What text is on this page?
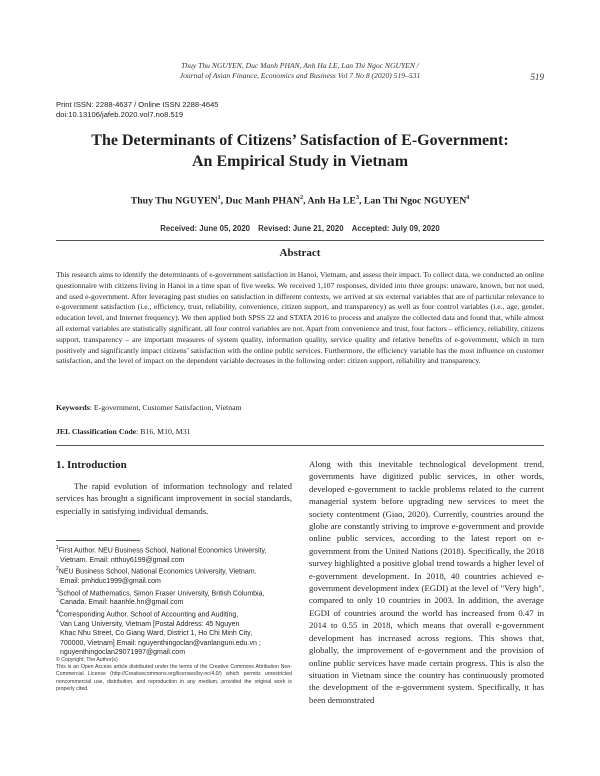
Thuy Thu NGUYEN, Duc Manh PHAN, Anh Ha LE, Lan Thi Ngoc NGUYEN /
Journal of Asian Finance, Economics and Business Vol 7 No 8 (2020) 519–531	519
Print ISSN: 2288-4637 / Online ISSN 2288-4645
doi:10.13106/jafeb.2020.vol7.no8.519
The Determinants of Citizens’ Satisfaction of E-Government:
An Empirical Study in Vietnam
Thuy Thu NGUYEN$^1$, Duc Manh PHAN$^2$, Anh Ha $LE^3$, Lan Thi Ngoc NGUYEN$^4$
Received: June 05, 2020 Revised: June 21, 2020 Accepted: July 09, 2020
Abstract
This research aims to identify the determinants of e-government satisfaction in Hanoi, Vietnam, and assess their impact. To collect data, we conducted an online questionnaire with citizens living in Hanoi in a time span of five weeks. We received 1,107 responses, divided into three groups: unaware, known, but not used, and used e-government. After leveraging past studies on satisfaction in different contexts, we arrived at six external variables that are of particular relevance to e-government satisfaction (i.e., efficiency, trust, reliability, convenience, citizen support, and transparency) as well as four control variables (i.e., age, gender, education level, and Internet frequency). We then applied both SPSS 22 and STATA 2016 to process and analyze the collected data and found that, while almost all external variables are statistically significant, all four control variables are not. Apart from convenience and trust, four factors – efficiency, reliability, citizens support, transparency – are important measures of system quality, information quality, service quality and relative benefits of e-government, which in turn positively and significantly impact citizens’ satisfaction with the online public services. Furthermore, the efficiency variable has the most influence on customer satisfaction, and the level of impact on the dependent variable decreases in the following order: citizen support, reliability and transparency.
Keywords: E-government, Customer Satisfaction, Vietnam
JEL Classification Code: B16, M10, M31
1. Introduction
The rapid evolution of information technology and related services has brought a significant improvement in social standards, especially in satisfying individual demands.
$^1$First Author. NEU Business School, National Economics University,
Vietnam. Email: ntthuy6199@gmail.com
$^2$NEU Business School, National Economics University, Vietnam.
Email: pmhduc1999@gmail.com
$^3$School of Mathematics, Simon Fraser University, British Columbia,
Canada. Email: haanhle.hn@gmail.com
$^4$Corresponding Author. School of Accounting and Auditing,
Van Lang University, Vietnam [Postal Address: 45 Nguyen
Khac Nhu Street, Co Giang Ward, District 1, Ho Chi Minh City,
700000, Vietnam] Email: nguyenthingoclan@vanlanguni.edu.vn ;
nguyenthingoclan29071997@gmail.com
© Copyright: The Author(s)
This is an Open Access article distributed under the terms of the Creative Commons Attribution Non-Commercial License (http://Creativecommons.org/licenses/by-nc/4.0/) which permits unrestricted noncommercial use, distribution, and reproduction in any medium, provided the original work is properly cited.
Along with this inevitable technological development trend, governments have digitized public services, in other words, developed e-government to tackle problems related to the current managerial system before upgrading new services to meet the society contentment (Giao, 2020). Currently, countries around the globe are constantly striving to improve e-government and provide online public services, according to the latest report on e-government from the United Nations (2018). Specifically, the 2018 survey highlighted a positive global trend towards a higher level of e-government development. In 2018, 40 countries achieved e-government development index (EGDI) at the level of "Very high", compared to only 10 countries in 2003. In addition, the average EGDI of countries around the world has increased from 0.47 in 2014 to 0.55 in 2018, which means that overall e-government development has increased across regions. This shows that, globally, the improvement of e-government and the provision of online public services have made certain progress. This is also the situation in Vietnam since the country has continuously promoted the development of the e-government system. Specifically, it has been demonstrated
